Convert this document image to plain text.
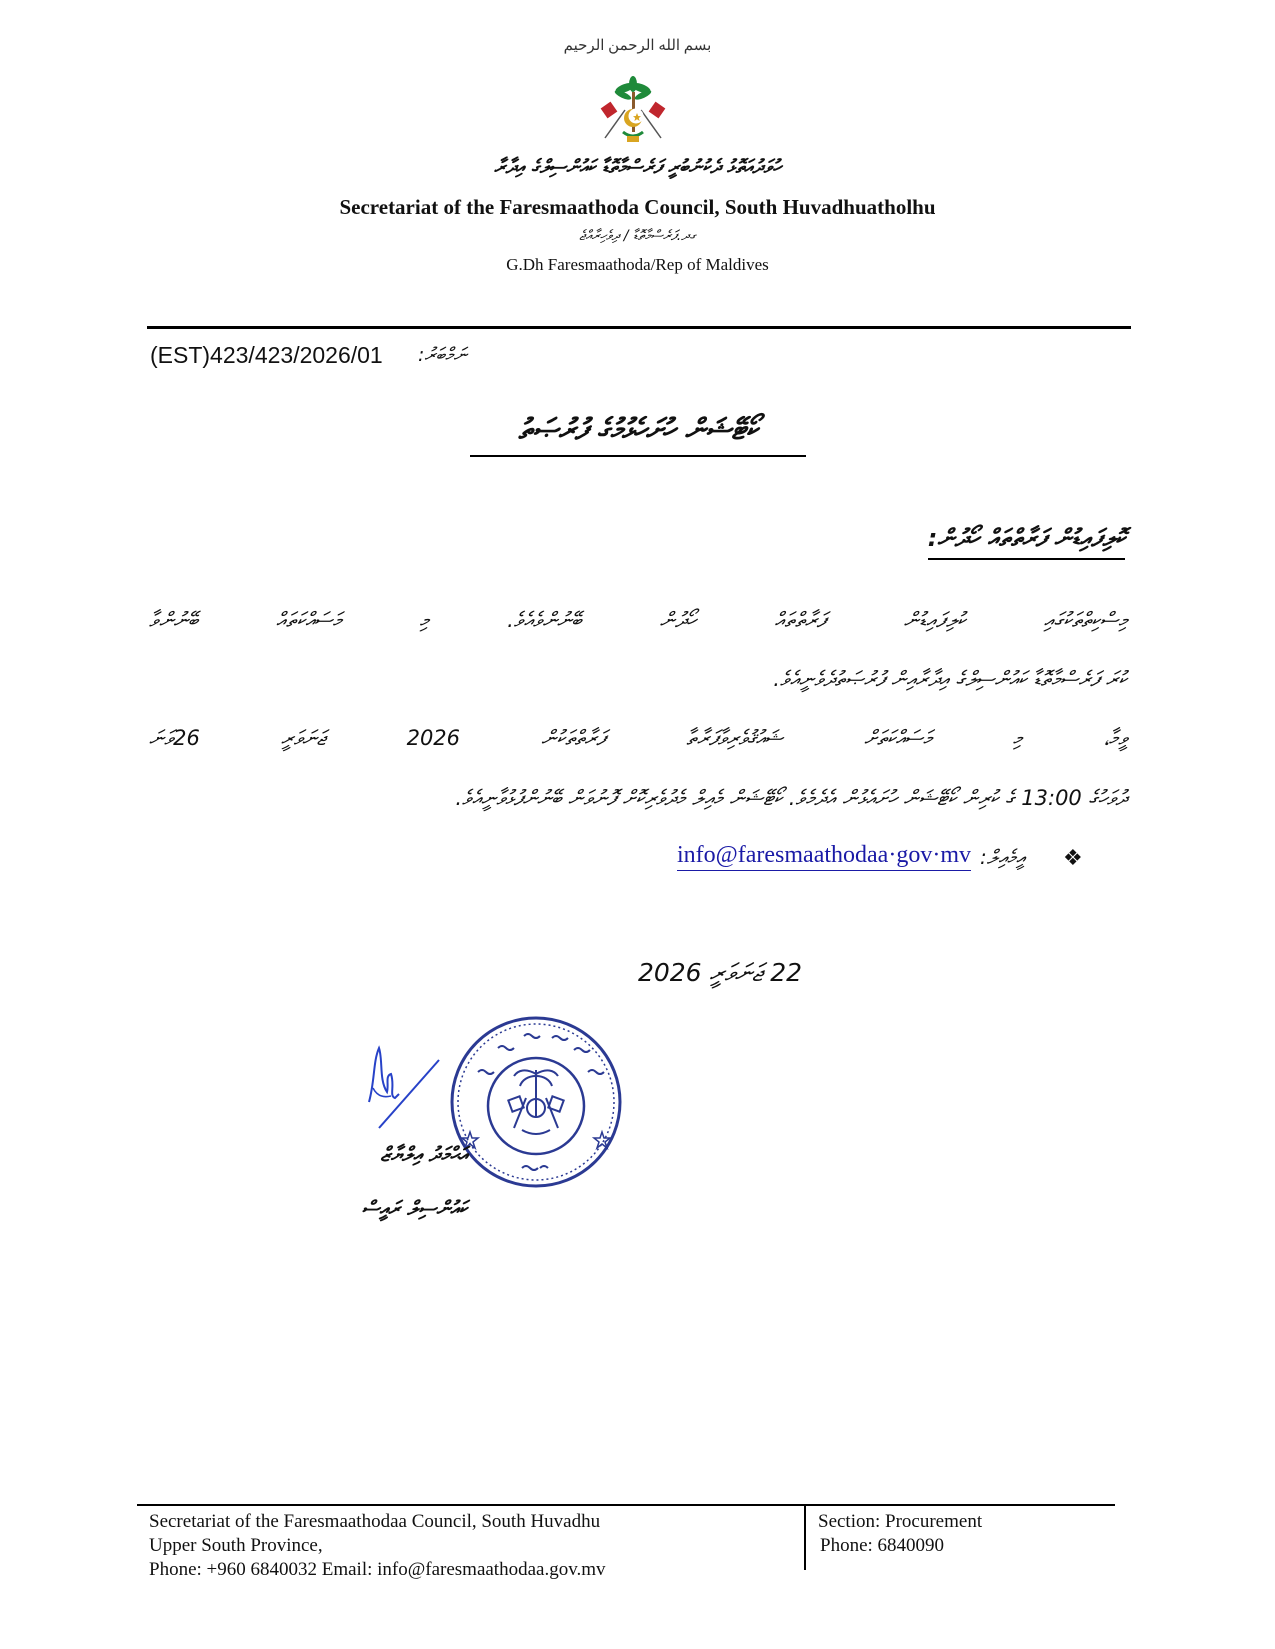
بسم الله الرحمن الرحيم
ހުވަދުއަތޮޅު ދެކުނުބުރީ ފަރެސްމާތޮޑާ ކައުންސިލްގެ އިދާރާ
Secretariat of the Faresmaathoda Council, South Huvadhuatholhu
ގދ.ފަރެސްމާތޮޑާ / ދިވެހިރާއްޖެ
G.Dh Faresmaathoda/Rep of Maldives
(EST)423/423/2026/01 ނަމްބަރު:
ކޯޓޭޝަން ހުށަހެޅުމުގެ ފުރުޞަތު
ކޮލިފައިޑުން ފަރާތްތައް ހޯދުން:
މިސްކިތްތަކުގައި ކުލިފައިޑުން ފަރާތްތައް ހޯދުން ބޭނުންވެއެވެ. މި މަސައްކަތައް ބޭނުންވާ
ކުރަ ފަރެސްމާތޮޑާ ކައުންސިލްގެ އިދާރާއިން ފުރުޞަތުދެވެނީއެވެ.
ވީމާ، މި މަސައްކަތަށް ޝައުޤުވެރިވާފަރާތާ ފަރާތްތަކުން 2026 ޖަނަވަރީ 26ވަނަ
ދުވަހުގެ 13:00 ގެ ކުރިން ކޯޓޭޝަން ހުށައެޅުން އެދެމެވެ. ކޯޓޭޝަން މެއިލް މެދުވެރިކޮށް ފޮނުވަން ބޭނުންފުޅުވާނީއެވެ.
❖
އީމެއިލް:
info@faresmaathodaa·gov·mv
22 ޖަނަވަރީ 2026
އަޙްމަދު އިލްޔާޒް
ކައުންސިލް ރައީސް
Secretariat of the Faresmaathodaa Council, South Huvadhu
Upper South Province,
Phone: +960 6840032 Email: info@faresmaathodaa.gov.mv
Section: Procurement
Phone: 6840090
